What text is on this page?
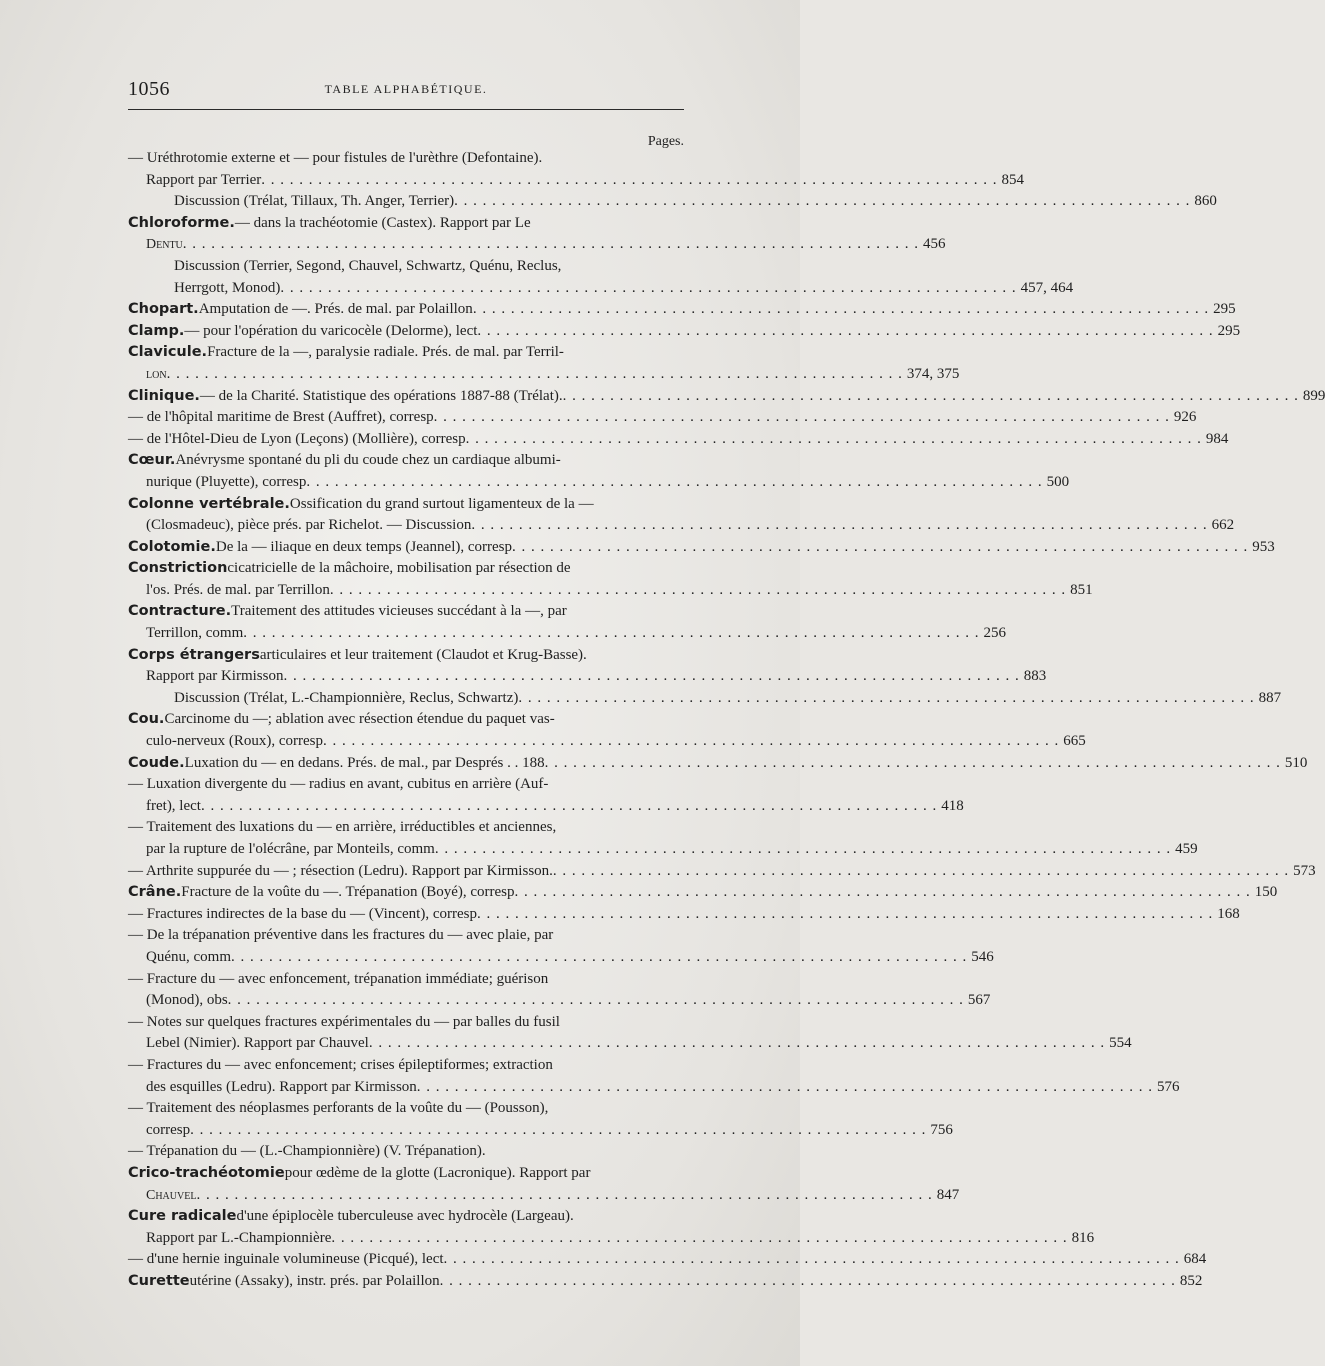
1056	TABLE ALPHABÉTIQUE.
Pages.
— Uréthrotomie externe et — pour fistules de l'urèthre (Defontaine).
Rapport par Terrier . . .	854
Discussion (Trélat, Tillaux, Th. Anger, Terrier) . . .	860
Chloroforme. — dans la trachéotomie (Castex). Rapport par Le
Dentu . . .	456
Discussion (Terrier, Segond, Chauvel, Schwartz, Quénu, Reclus,
Herrgott, Monod) . . .	457, 464
Chopart. Amputation de —. Prés. de mal. par Polaillon . . .	295
Clamp. — pour l'opération du varicocèle (Delorme), lect . . .	295
Clavicule. Fracture de la —, paralysie radiale. Prés. de mal. par Terril-
lon . . .	374, 375
Clinique. — de la Charité. Statistique des opérations 1887-88 (Trélat). . . .	899
— de l'hôpital maritime de Brest (Auffret), corresp . . .	926
— de l'Hôtel-Dieu de Lyon (Leçons) (Mollière), corresp . . .	984
Cœur. Anévrysme spontané du pli du coude chez un cardiaque albumi-
nurique (Pluyette), corresp . . .	500
Colonne vertébrale. Ossification du grand surtout ligamenteux de la —
(Closmadeuc), pièce prés. par Richelot. — Discussion . . .	662
Colotomie. De la — iliaque en deux temps (Jeannel), corresp . . .	953
Constriction cicatricielle de la mâchoire, mobilisation par résection de
l'os. Prés. de mal. par Terrillon . . .	851
Contracture. Traitement des attitudes vicieuses succédant à la —, par
Terrillon, comm . . .	256
Corps étrangers articulaires et leur traitement (Claudot et Krug-Basse).
Rapport par Kirmisson . . .	883
Discussion (Trélat, L.-Championnière, Reclus, Schwartz) . . .	887
Cou. Carcinome du —; ablation avec résection étendue du paquet vas-
culo-nerveux (Roux), corresp . . .	665
Coude. Luxation du — en dedans. Prés. de mal., par Després . . 188 . . .	510
— Luxation divergente du — radius en avant, cubitus en arrière (Auf-
fret), lect . . .	418
— Traitement des luxations du — en arrière, irréductibles et anciennes,
par la rupture de l'olécrâne, par Monteils, comm . . .	459
— Arthrite suppurée du — ; résection (Ledru). Rapport par Kirmisson. . . .	573
Crâne. Fracture de la voûte du —. Trépanation (Boyé), corresp . . .	150
— Fractures indirectes de la base du — (Vincent), corresp . . .	168
— De la trépanation préventive dans les fractures du — avec plaie, par
Quénu, comm . . .	546
— Fracture du — avec enfoncement, trépanation immédiate; guérison
(Monod), obs . . .	567
— Notes sur quelques fractures expérimentales du — par balles du fusil
Lebel (Nimier). Rapport par Chauvel . . .	554
— Fractures du — avec enfoncement; crises épileptiformes; extraction
des esquilles (Ledru). Rapport par Kirmisson . . .	576
— Traitement des néoplasmes perforants de la voûte du — (Pousson),
corresp . . .	756
— Trépanation du — (L.-Championnière) (V. Trépanation).
Crico-trachéotomie pour œdème de la glotte (Lacronique). Rapport par
Chauvel . . .	847
Cure radicale d'une épiplocèle tuberculeuse avec hydrocèle (Largeau).
Rapport par L.-Championnière . . .	816
— d'une hernie inguinale volumineuse (Picqué), lect . . .	684
Curette utérine (Assaky), instr. prés. par Polaillon . . .	852
